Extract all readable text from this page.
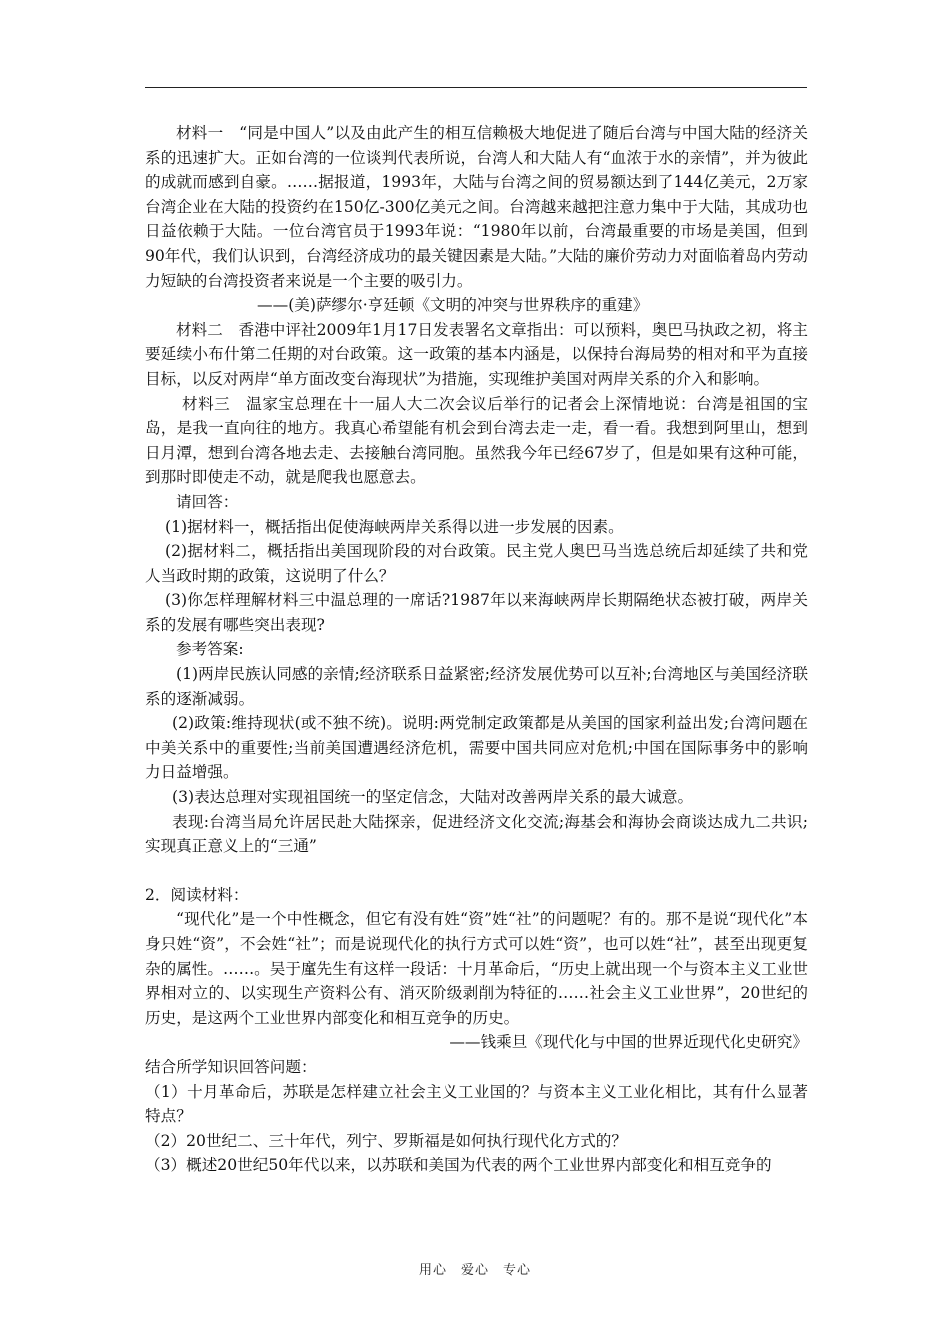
材料一　“同是中国人”以及由此产生的相互信赖极大地促进了随后台湾与中国大陆的经济关系的迅速扩大。正如台湾的一位谈判代表所说，台湾人和大陆人有“血浓于水的亲情”，并为彼此的成就而感到自豪。……据报道，1993年，大陆与台湾之间的贸易额达到了144亿美元，2万家台湾企业在大陆的投资约在150亿-300亿美元之间。台湾越来越把注意力集中于大陆，其成功也日益依赖于大陆。一位台湾官员于1993年说：“1980年以前，台湾最重要的市场是美国，但到90年代，我们认识到，台湾经济成功的最关键因素是大陆。”大陆的廉价劳动力对面临着岛内劳动力短缺的台湾投资者来说是一个主要的吸引力。

——(美)萨缪尔·亨廷顿《文明的冲突与世界秩序的重建》

材料二　香港中评社2009年1月17日发表署名文章指出：可以预料，奥巴马执政之初，将主要延续小布什第二任期的对台政策。这一政策的基本内涵是，以保持台海局势的相对和平为直接目标，以反对两岸“单方面改变台海现状”为措施，实现维护美国对两岸关系的介入和影响。

材料三　温家宝总理在十一届人大二次会议后举行的记者会上深情地说：台湾是祖国的宝岛，是我一直向往的地方。我真心希望能有机会到台湾去走一走，看一看。我想到阿里山，想到日月潭，想到台湾各地去走、去接触台湾同胞。虽然我今年已经67岁了，但是如果有这种可能，到那时即使走不动，就是爬我也愿意去。

请回答：

(1)据材料一，概括指出促使海峡两岸关系得以进一步发展的因素。

(2)据材料二，概括指出美国现阶段的对台政策。民主党人奥巴马当选总统后却延续了共和党人当政时期的政策，这说明了什么？

(3)你怎样理解材料三中温总理的一席话?1987年以来海峡两岸长期隔绝状态被打破，两岸关系的发展有哪些突出表现?

参考答案:

(1)两岸民族认同感的亲情;经济联系日益紧密;经济发展优势可以互补;台湾地区与美国经济联系的逐渐减弱。

(2)政策:维持现状(或不独不统)。说明:两党制定政策都是从美国的国家利益出发;台湾问题在中美关系中的重要性;当前美国遭遇经济危机，需要中国共同应对危机;中国在国际事务中的影响力日益增强。

(3)表达总理对实现祖国统一的坚定信念，大陆对改善两岸关系的最大诚意。

表现:台湾当局允许居民赴大陆探亲，促进经济文化交流;海基会和海协会商谈达成九二共识;实现真正意义上的“三通”

2．阅读材料：

“现代化”是一个中性概念，但它有没有姓“资”姓“社”的问题呢？有的。那不是说“现代化”本身只姓“资”，不会姓“社”；而是说现代化的执行方式可以姓“资”，也可以姓“社”，甚至出现更复杂的属性。……。吴于廑先生有这样一段话：十月革命后，“历史上就出现一个与资本主义工业世界相对立的、以实现生产资料公有、消灭阶级剥削为特征的……社会主义工业世界”，20世纪的历史，是这两个工业世界内部变化和相互竞争的历史。

——钱乘旦《现代化与中国的世界近现代化史研究》

结合所学知识回答问题：

（1）十月革命后，苏联是怎样建立社会主义工业国的？与资本主义工业化相比，其有什么显著特点？

（2）20世纪二、三十年代，列宁、罗斯福是如何执行现代化方式的？

（3）概述20世纪50年代以来，以苏联和美国为代表的两个工业世界内部变化和相互竞争的

用心　爱心　专心
